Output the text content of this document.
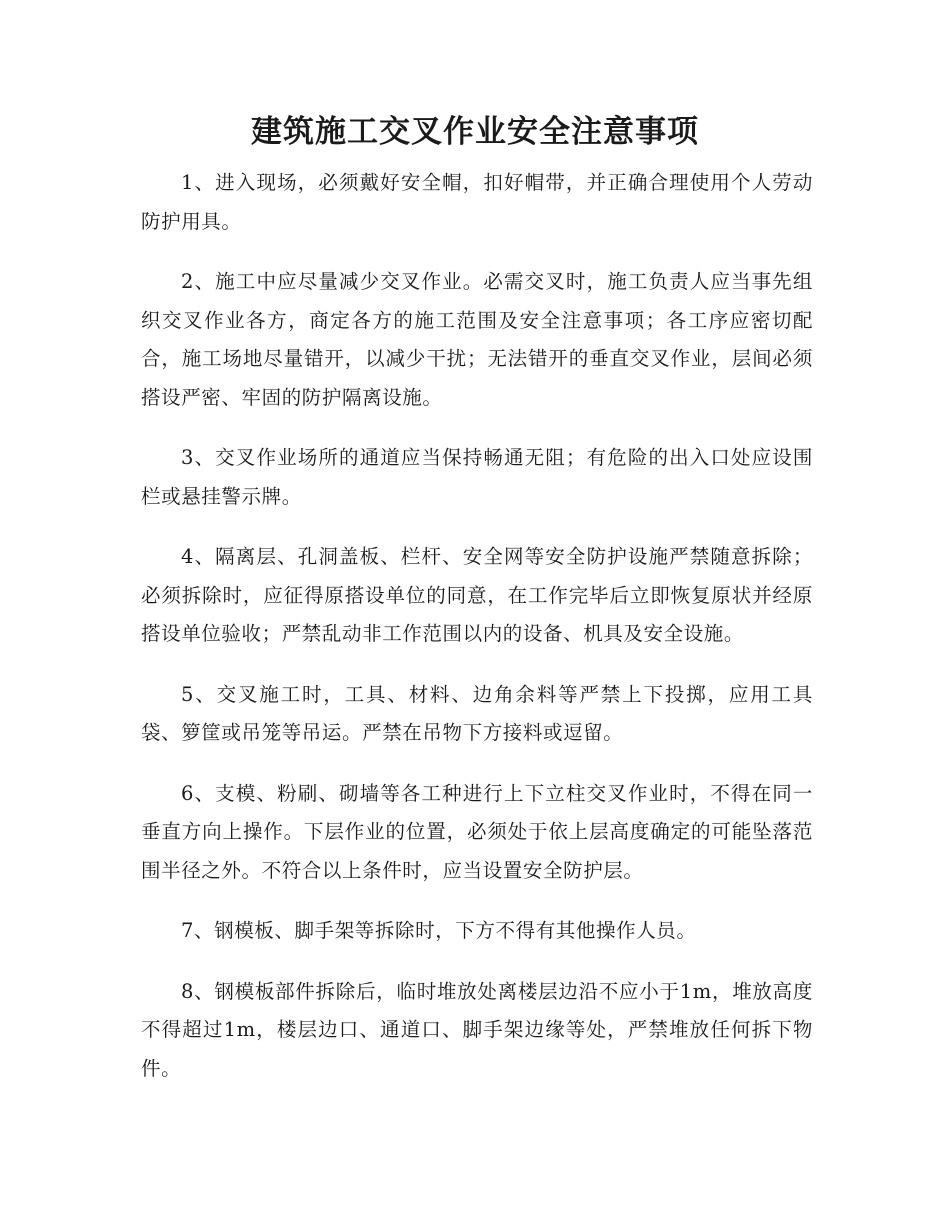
建筑施工交叉作业安全注意事项

1、进入现场，必须戴好安全帽，扣好帽带，并正确合理使用个人劳动防护用具。

2、施工中应尽量减少交叉作业。必需交叉时，施工负责人应当事先组织交叉作业各方，商定各方的施工范围及安全注意事项；各工序应密切配合，施工场地尽量错开，以减少干扰；无法错开的垂直交叉作业，层间必须搭设严密、牢固的防护隔离设施。

3、交叉作业场所的通道应当保持畅通无阻；有危险的出入口处应设围栏或悬挂警示牌。

4、隔离层、孔洞盖板、栏杆、安全网等安全防护设施严禁随意拆除；必须拆除时，应征得原搭设单位的同意，在工作完毕后立即恢复原状并经原搭设单位验收；严禁乱动非工作范围以内的设备、机具及安全设施。

5、交叉施工时，工具、材料、边角余料等严禁上下投掷，应用工具袋、箩筐或吊笼等吊运。严禁在吊物下方接料或逗留。

6、支模、粉刷、砌墙等各工种进行上下立柱交叉作业时，不得在同一垂直方向上操作。下层作业的位置，必须处于依上层高度确定的可能坠落范围半径之外。不符合以上条件时，应当设置安全防护层。

7、钢模板、脚手架等拆除时，下方不得有其他操作人员。

8、钢模板部件拆除后，临时堆放处离楼层边沿不应小于1m，堆放高度不得超过1m，楼层边口、通道口、脚手架边缘等处，严禁堆放任何拆下物件。
